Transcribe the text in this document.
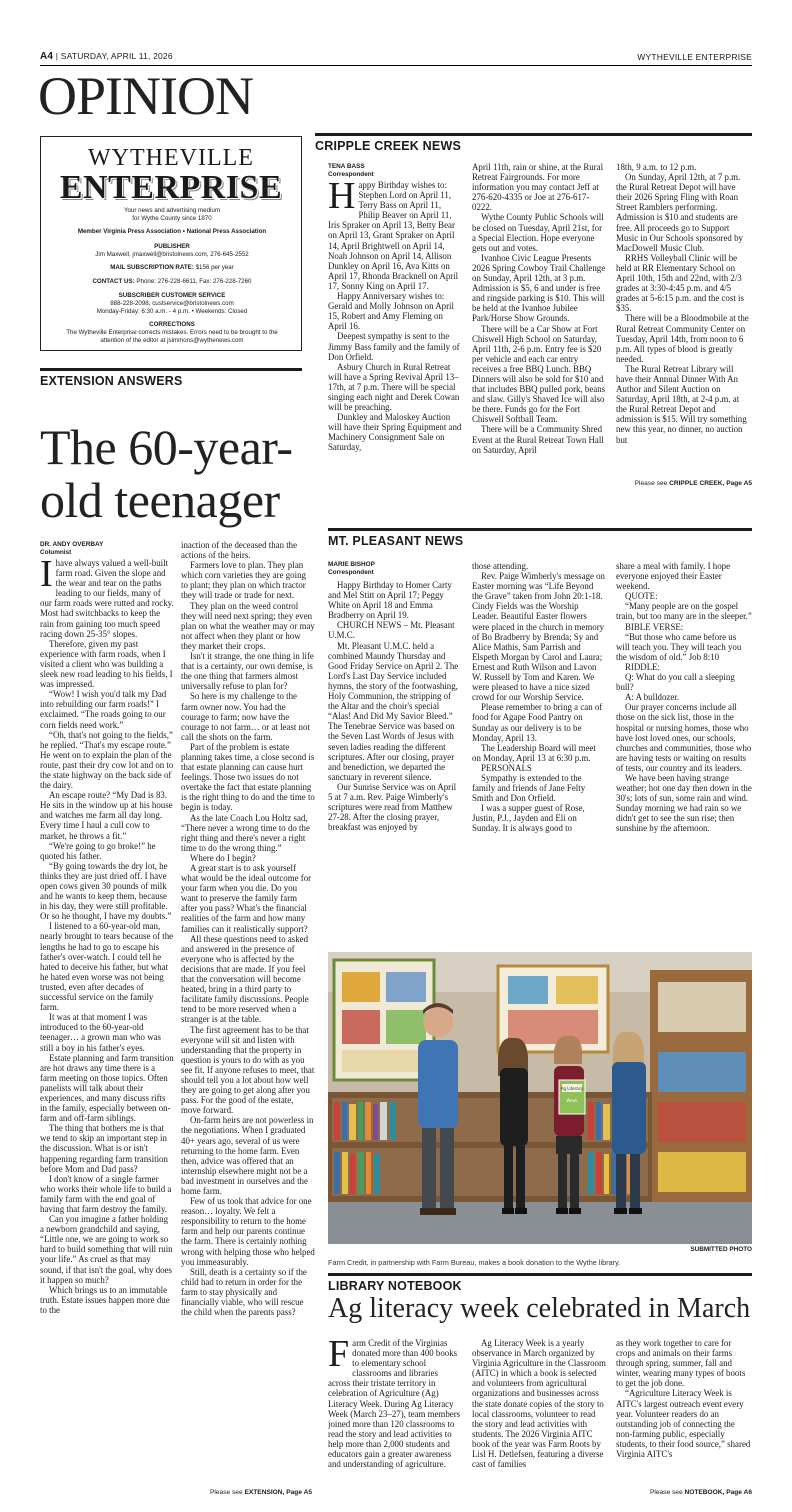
A4 | SATURDAY, APRIL 11, 2026	WYTHEVILLE ENTERPRISE
OPINION
WYTHEVILLE
ENTERPRISE
Your news and advertising medium
for Wythe County since 1870
Member Virginia Press Association • National Press Association
PUBLISHER
Jim Maxwell, jmaxwell@bristolnews.com, 276-645-2552
MAIL SUBSCRIPTION RATE: $156 per year
CONTACT US: Phone: 276-228-6611, Fax: 276-228-7260
SUBSCRIBER CUSTOMER SERVICE
888-228-2098, custservice@bristolnews.com
Monday-Friday: 6:30 a.m. - 4 p.m. • Weekends: Closed
CORRECTIONS
The Wytheville Enterprise corrects mistakes. Errors need to be brought to the
attention of the editor at jsimmons@wythenews.com
CRIPPLE CREEK NEWS
TENA BASS
Correspondent
H appy Birthday wishes to: Stephen Lord on April 11, Terry Bass on April 11, Philip Beaver on April 11, Iris Spraker on April 13, Betty Bear on April 13, Grant Spraker on April 14, April Brightwell on April 14, Noah Johnson on April 14, Allison Dunkley on April 16, Ava Kitts on April 17, Rhonda Bracknell on April 17, Sonny King on April 17.

Happy Anniversary wishes to: Gerald and Molly Johnson on April 15, Robert and Amy Fleming on April 16.

Deepest sympathy is sent to the Jimmy Bass family and the family of Don Orfield.

Asbury Church in Rural Retreat will have a Spring Revival April 13–17th, at 7 p.m. There will be special singing each night and Derek Cowan will be preaching.

Dunkley and Maloskey Auction will have their Spring Equipment and Machinery Consignment Sale on Saturday,

April 11th, rain or shine, at the Rural Retreat Fairgrounds. For more information you may contact Jeff at 276-620-4335 or Joe at 276-617-0222.

Wythe County Public Schools will be closed on Tuesday, April 21st, for a Special Election. Hope everyone gets out and votes.

Ivanhoe Civic League Presents 2026 Spring Cowboy Trail Challenge on Sunday, April 12th, at 3 p.m. Admission is $5, 6 and under is free and ringside parking is $10. This will be held at the Ivanhoe Jubilee Park/Horse Show Grounds.

There will be a Car Show at Fort Chiswell High School on Saturday, April 11th, 2-6 p.m. Entry fee is $20 per vehicle and each car entry receives a free BBQ Lunch. BBQ Dinners will also be sold for $10 and that includes BBQ pulled pork, beans and slaw. Gilly's Shaved Ice will also be there. Funds go for the Fort Chiswell Softball Team.

There will be a Community Shred Event at the Rural Retreat Town Hall on Saturday, April

18th, 9 a.m. to 12 p.m.

On Sunday, April 12th, at 7 p.m. the Rural Retreat Depot will have their 2026 Spring Fling with Roan Street Ramblers performing. Admission is $10 and students are free. All proceeds go to Support Music in Our Schools sponsored by MacDowell Music Club.

RRHS Volleyball Clinic will be held at RR Elementary School on April 10th, 15th and 22nd, with 2/3 grades at 3:30-4:45 p.m. and 4/5 grades at 5-6:15 p.m. and the cost is $35.

There will be a Bloodmobile at the Rural Retreat Community Center on Tuesday, April 14th, from noon to 6 p.m. All types of blood is greatly needed.

The Rural Retreat Library will have their Annual Dinner With An Author and Silent Auction on Saturday, April 18th, at 2-4 p.m. at the Rural Retreat Depot and admission is $15. Will try something new this year, no dinner, no auction but

Please see CRIPPLE CREEK, Page A5
EXTENSION ANSWERS
The 60-year-old teenager
DR. ANDY OVERBAY
Columnist
I have always valued a well-built farm road. Given the slope and the wear and tear on the paths leading to our fields, many of our farm roads were rutted and rocky. Most had switchbacks to keep the rain from gaining too much speed racing down 25-35° slopes.

Therefore, given my past experience with farm roads, when I visited a client who was building a sleek new road leading to his fields, I was impressed.

“Wow! I wish you'd talk my Dad into rebuilding our farm roads!” I exclaimed. “The roads going to our corn fields need work.”

“Oh, that's not going to the fields,” he replied. “That's my escape route.” He went on to explain the plan of the route, past their dry cow lot and on to the state highway on the back side of the dairy.

An escape route? “My Dad is 83. He sits in the window up at his house and watches me farm all day long. Every time I haul a cull cow to market, he throws a fit.”

“We're going to go broke!” he quoted his father.

“By going towards the dry lot, he thinks they are just dried off. I have open cows given 30 pounds of milk and he wants to keep them, because in his day, they were still profitable. Or so he thought, I have my doubts.”

I listened to a 60-year-old man, nearly brought to tears because of the lengths he had to go to escape his father's over-watch. I could tell he hated to deceive his father, but what he hated even worse was not being trusted, even after decades of successful service on the family farm.

It was at that moment I was introduced to the 60-year-old teenager… a grown man who was still a boy in his father's eyes.

Estate planning and farm transition are hot draws any time there is a farm meeting on those topics. Often panelists will talk about their experiences, and many discuss rifts in the family, especially between on-farm and off-farm siblings.

The thing that bothers me is that we tend to skip an important step in the discussion. What is or isn't happening regarding farm transition before Mom and Dad pass?

I don't know of a single farmer who works their whole life to build a family farm with the end goal of having that farm destroy the family.

Can you imagine a father holding a newborn grandchild and saying, “Little one, we are going to work so hard to build something that will ruin your life.” As cruel as that may sound, if that isn't the goal, why does it happen so much?

Which brings us to an immutable truth. Estate issues happen more due to the

inaction of the deceased than the actions of the heirs.

Farmers love to plan. They plan which corn varieties they are going to plant; they plan on which tractor they will trade or trade for next.

They plan on the weed control they will need next spring; they even plan on what the weather may or may not affect when they plant or how they market their crops.

Isn't it strange, the one thing in life that is a certainty, our own demise, is the one thing that farmers almost universally refuse to plan for?

So here is my challenge to the farm owner now. You had the courage to farm; now have the courage to not farm… or at least not call the shots on the farm.

Part of the problem is estate planning takes time, a close second is that estate planning can cause hurt feelings. Those two issues do not overtake the fact that estate planning is the right thing to do and the time to begin is today.

As the late Coach Lou Holtz sad, “There never a wrong time to do the right thing and there's never a right time to do the wrong thing.”

Where do I begin?

A great start is to ask yourself what would be the ideal outcome for your farm when you die. Do you want to preserve the family farm after you pass? What's the financial realities of the farm and how many families can it realistically support?

All these questions need to asked and answered in the presence of everyone who is affected by the decisions that are made. If you feel that the conversation will become heated, bring in a third party to facilitate family discussions. People tend to be more reserved when a stranger is at the table.

The first agreement has to be that everyone will sit and listen with understanding that the property in question is yours to do with as you see fit. If anyone refuses to meet, that should tell you a lot about how well they are going to get along after you pass. For the good of the estate, move forward.

On-farm heirs are not powerless in the negotiations. When I graduated 40+ years ago, several of us were returning to the home farm. Even then, advice was offered that an internship elsewhere might not be a bad investment in ourselves and the home farm.

Few of us took that advice for one reason… loyalty. We felt a responsibility to return to the home farm and help our parents continue the farm. There is certainly nothing wrong with helping those who helped you immeasurably.

Still, death is a certainty so if the child had to return in order for the farm to stay physically and financially viable, who will rescue the child when the parents pass?

Please see EXTENSION, Page A5
MT. PLEASANT NEWS
MARIE BISHOP
Correspondent

Happy Birthday to Homer Carty and Mel Stitt on April 17; Peggy White on April 18 and Emma Bradberry on April 19.

CHURCH NEWS – Mt. Pleasant U.M.C.

Mt. Pleasant U.M.C. held a combined Maundy Thursday and Good Friday Service on April 2. The Lord's Last Day Service included hymns, the story of the footwashing, Holy Communion, the stripping of the Altar and the choir's special “Alas! And Did My Savior Bleed.” The Tenebrae Service was based on the Seven Last Words of Jesus with seven ladies reading the different scriptures. After our closing, prayer and benediction, we departed the sanctuary in reverent silence.

Our Sunrise Service was on April 5 at 7 a.m. Rev. Paige Wimberly's scriptures were read from Matthew 27-28. After the closing prayer, breakfast was enjoyed by

those attending.

Rev. Paige Wimberly's message on Easter morning was “Life Beyond the Grave” taken from John 20:1-18. Cindy Fields was the Worship Leader. Beautiful Easter flowers were placed in the church in memory of Bo Bradberry by Brenda; Sy and Alice Mathis, Sam Parrish and Elspeth Morgan by Carol and Laura; Ernest and Ruth Wilson and Lavon W. Russell by Tom and Karen. We were pleased to have a nice sized crowd for our Worship Service.

Please remember to bring a can of food for Agape Food Pantry on Sunday as our delivery is to be Monday, April 13.

The Leadership Board will meet on Monday, April 13 at 6:30 p.m.

PERSONALS

Sympathy is extended to the family and friends of Jane Felty Smith and Don Orfield.

I was a supper guest of Rose, Justin, P.J., Jayden and Eli on Sunday. It is always good to

share a meal with family. I hope everyone enjoyed their Easter weekend.

QUOTE:

“Many people are on the gospel train, but too many are in the sleeper.”

BIBLE VERSE:

“But those who came before us will teach you. They will teach you the wisdom of old.” Job 8:10

RIDDLE:

Q: What do you call a sleeping bull?

A: A bulldozer.

Our prayer concerns include all those on the sick list, those in the hospital or nursing homes, those who have lost loved ones, our schools, churches and communities, those who are having tests or waiting on results of tests, our country and its leaders.

We have been having strange weather; hot one day then down in the 30's; lots of sun, some rain and wind. Sunday morning we had rain so we didn't get to see the sun rise; then sunshine by the afternoon.

Ag Literacy
Week
SUBMITTED PHOTO
Farm Credit, in partnership with Farm Bureau, makes a book donation to the Wythe library.
LIBRARY NOTEBOOK
Ag literacy week celebrated in March
F arm Credit of the Virginias donated more than 400 books to elementary school classrooms and libraries across their tristate territory in celebration of Agriculture (Ag) Literacy Week. During Ag Literacy Week (March 23–27), team members joined more than 120 classrooms to read the story and lead activities to help more than 2,000 students and educators gain a greater awareness and understanding of agriculture.

Ag Literacy Week is a yearly observance in March organized by Virginia Agriculture in the Classroom (AITC) in which a book is selected and volunteers from agricultural organizations and businesses across the state donate copies of the story to local classrooms, volunteer to read the story and lead activities with students. The 2026 Virginia AITC book of the year was Farm Roots by Lisl H. Detlefsen, featuring a diverse cast of families

as they work together to care for crops and animals on their farms through spring, summer, fall and winter, wearing many types of boots to get the job done.

“Agriculture Literacy Week is AITC's largest outreach event every year. Volunteer readers do an outstanding job of connecting the non-farming public, especially students, to their food source,” shared Virginia AITC's

Please see NOTEBOOK, Page A6
